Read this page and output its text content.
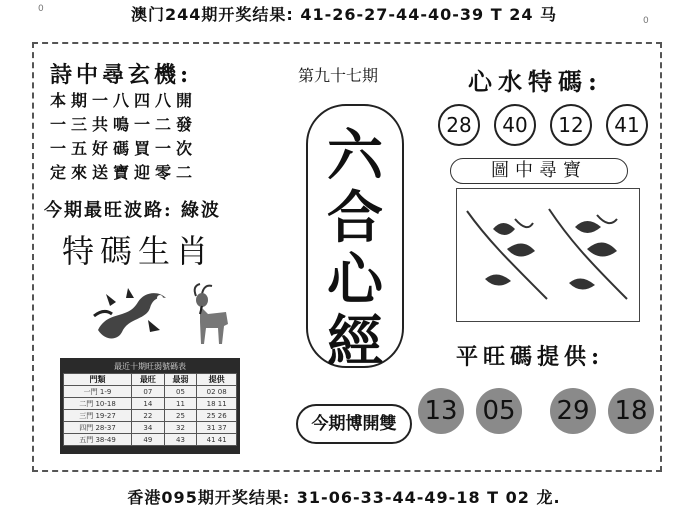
澳门244期开奖结果: 41-26-27-44-40-39 T 24 马
0
0
詩中尋玄機:
本期一八四八開
一三共鳴一二發
一五好碼買一次
定來送寶迎零二
今期最旺波路: 綠波
特碼生肖
最近十期旺弱號碼表
門類	最旺	最弱	提供
一門 1-9	07	05	02 08
二門 10-18	14	11	18 11
三門 19-27	22	25	25 26
四門 28-37	34	32	31 37
五門 38-49	49	43	41 41
第九十七期
六
合
心
經
今期博開雙
心水特碼:
28	40	12	41
圖中尋寶
平旺碼提供:
13 05 29 18
香港095期开奖结果: 31-06-33-44-49-18 T 02 龙.
